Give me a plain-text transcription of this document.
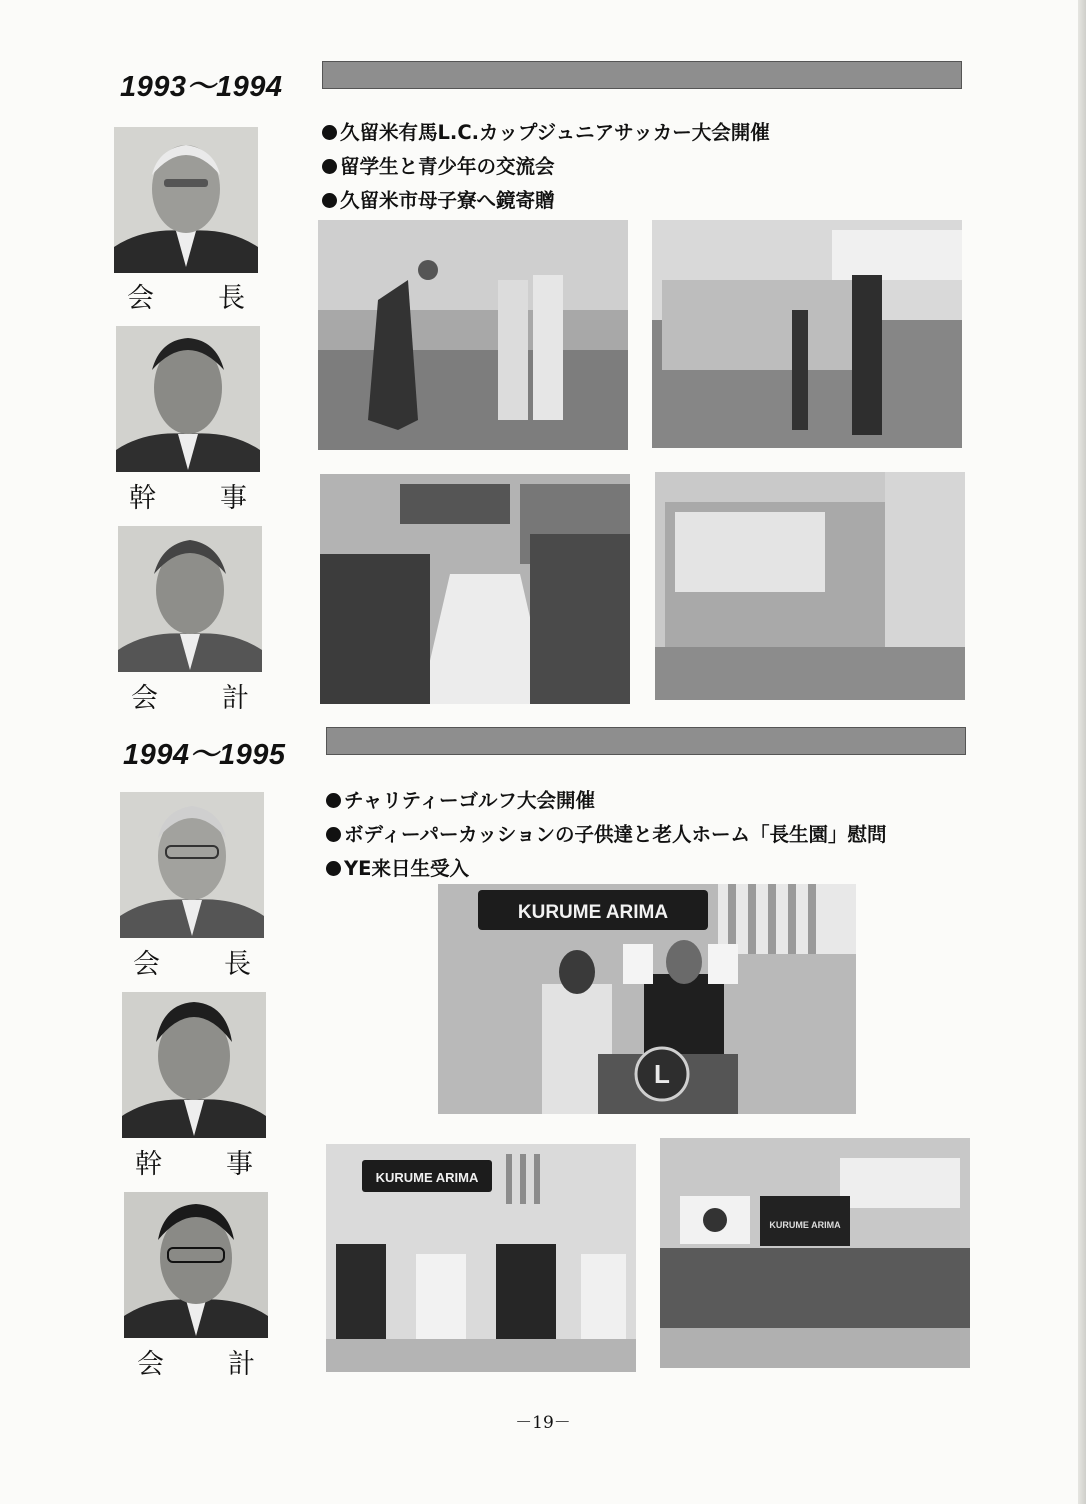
1993～1994
久留米有馬L.C.カップジュニアサッカー大会開催
留学生と青少年の交流会
久留米市母子寮へ鏡寄贈
会 長
幹 事
会 計
1994～1995
チャリティーゴルフ大会開催
ボディーパーカッションの子供達と老人ホーム「長生園」慰問
YE来日生受入
会 長
幹 事
会 計
KURUME ARIMA
L
KURUME ARIMA
KURUME ARIMA
－19－
